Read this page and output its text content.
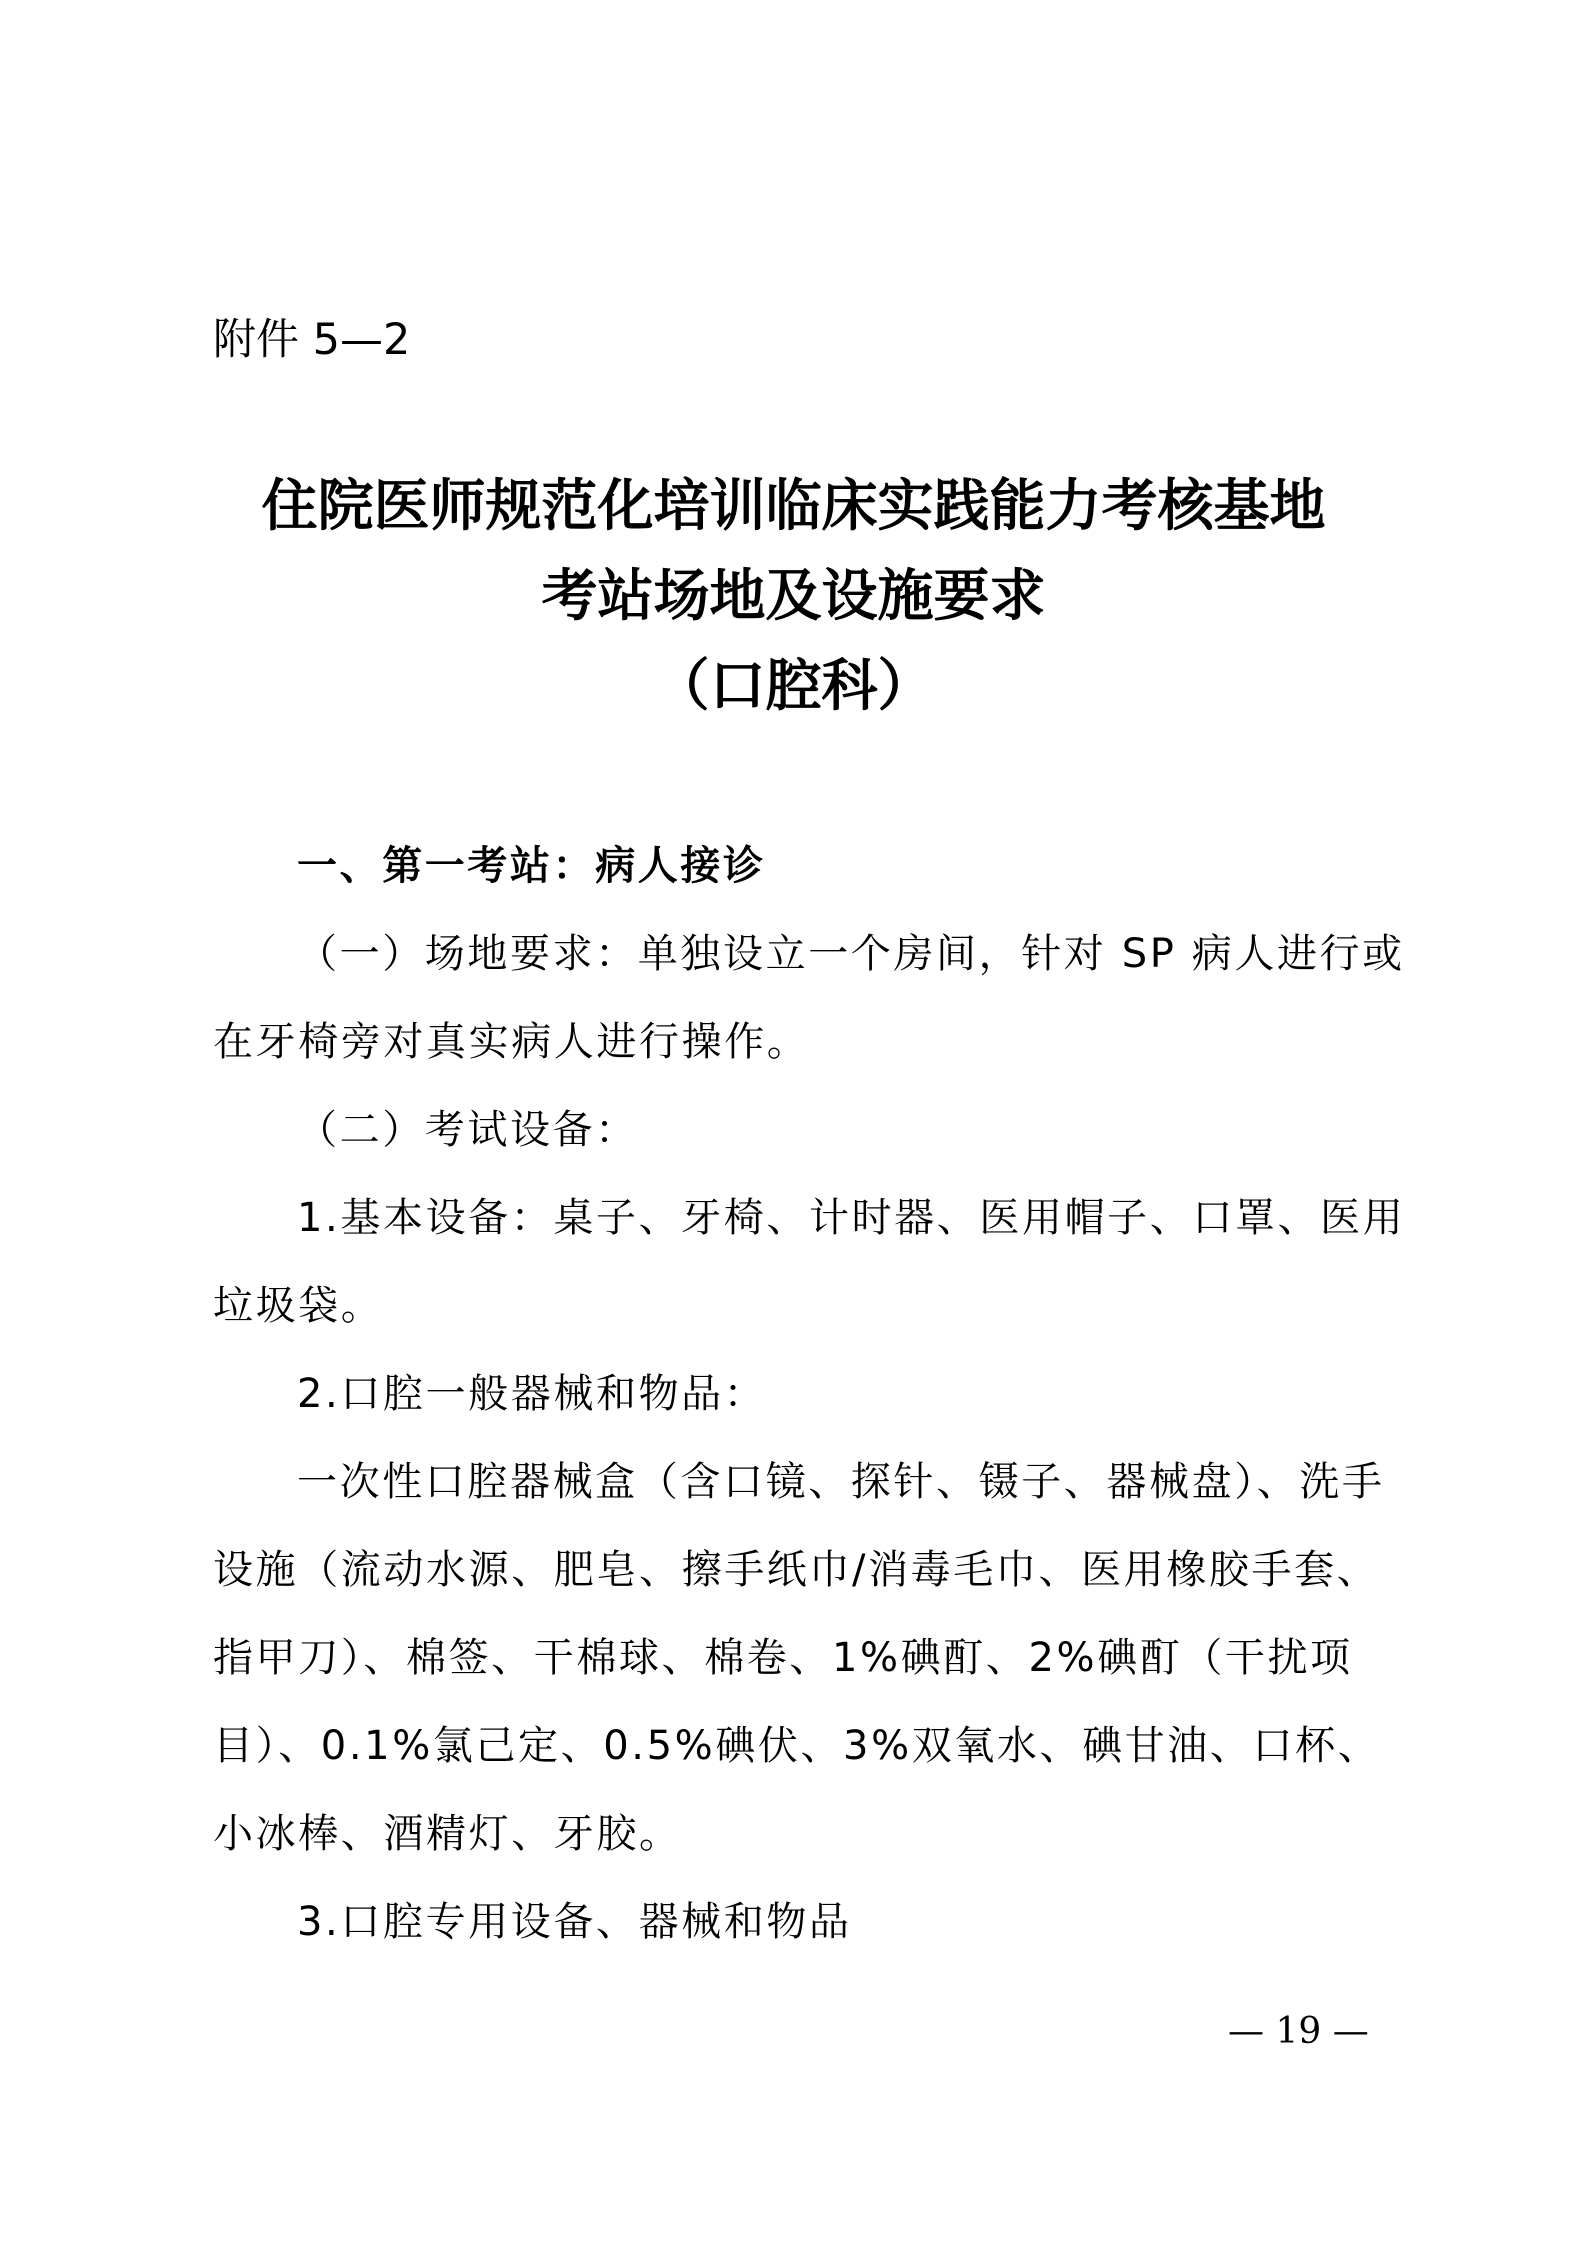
附件 5—2
住院医师规范化培训临床实践能力考核基地
考站场地及设施要求
（口腔科）
一、第一考站：病人接诊
（一）场地要求：单独设立一个房间，针对 SP 病人进行或
在牙椅旁对真实病人进行操作。
（二）考试设备：
1.基本设备：桌子、牙椅、计时器、医用帽子、口罩、医用
垃圾袋。
2.口腔一般器械和物品：
一次性口腔器械盒（含口镜、探针、镊子、器械盘）、洗手
设施（流动水源、肥皂、擦手纸巾/消毒毛巾、医用橡胶手套、
指甲刀）、棉签、干棉球、棉卷、1%碘酊、2%碘酊（干扰项
目）、0.1%氯己定、0.5%碘伏、3%双氧水、碘甘油、口杯、
小冰棒、酒精灯、牙胶。
3.口腔专用设备、器械和物品
— 19 —
